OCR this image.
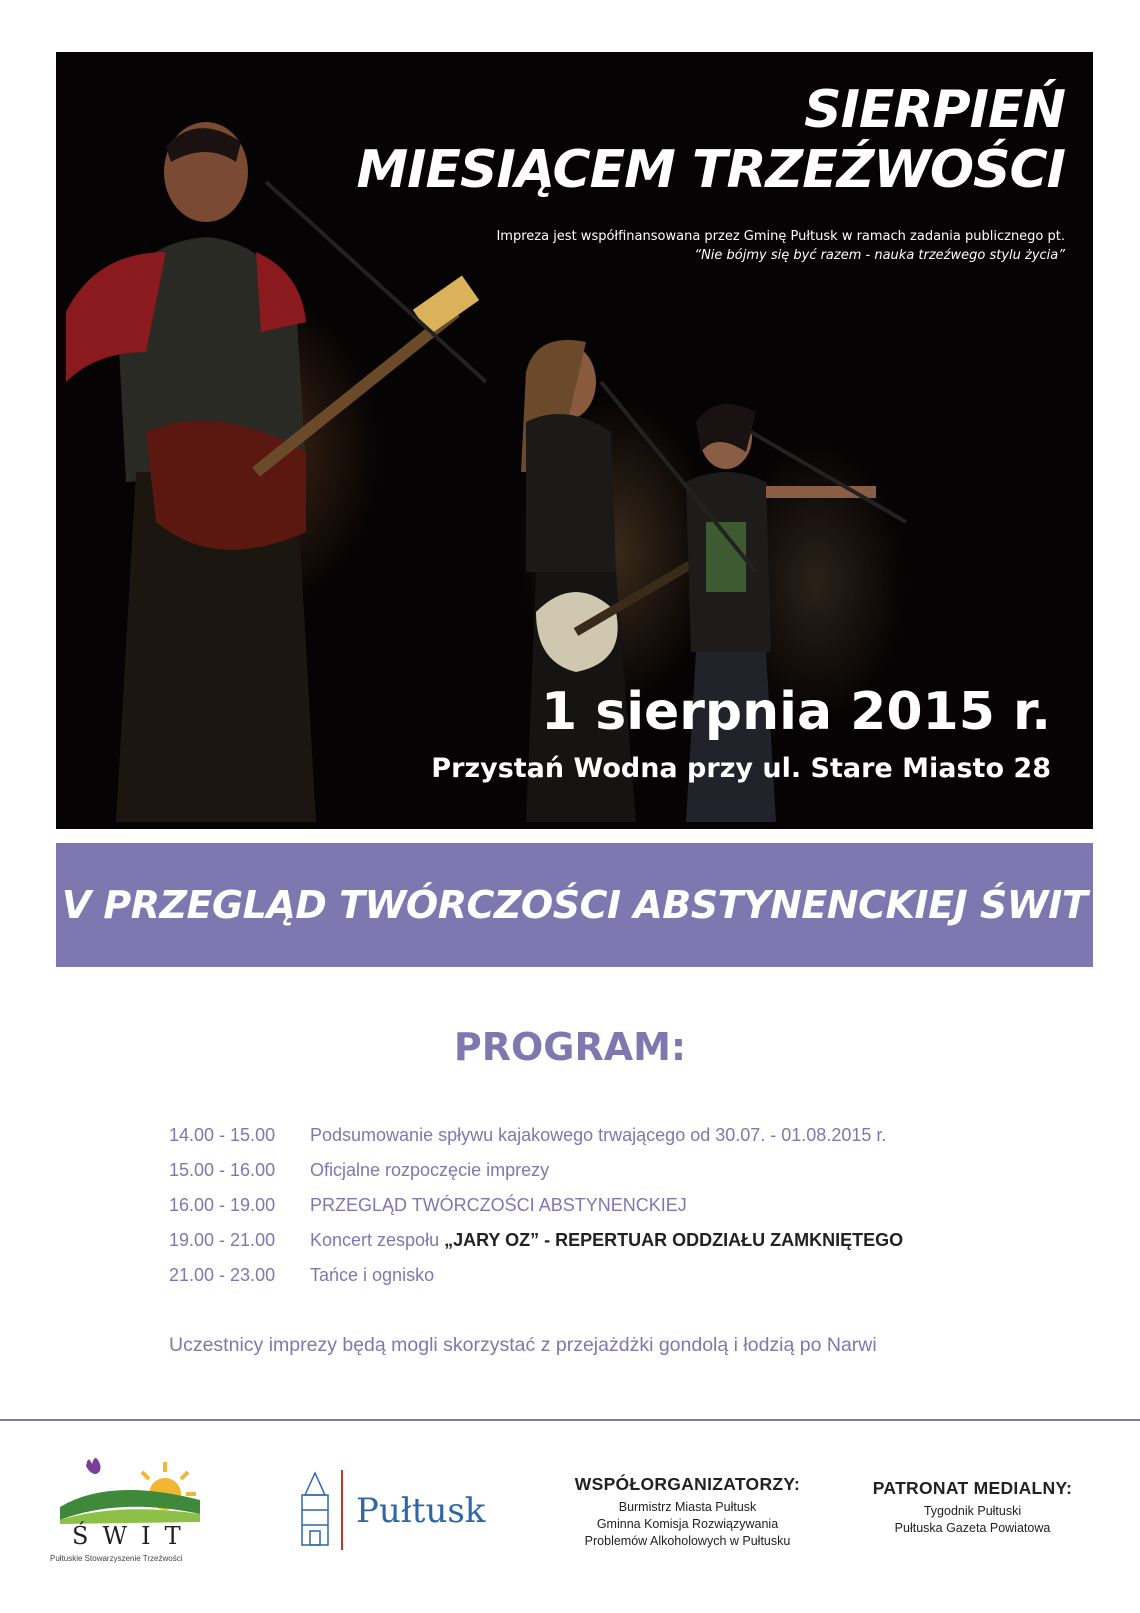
SIERPIEŃ
MIESIĄCEM TRZEŹWOŚCI
Impreza jest współfinansowana przez Gminę Pułtusk w ramach zadania publicznego pt.
“Nie bójmy się być razem - nauka trzeźwego stylu życia”
1 sierpnia 2015 r.
Przystań Wodna przy ul. Stare Miasto 28
V PRZEGLĄD TWÓRCZOŚCI ABSTYNENCKIEJ ŚWIT
PROGRAM:
14.00 - 15.00	Podsumowanie spływu kajakowego trwającego od 30.07. - 01.08.2015 r.
15.00 - 16.00	Oficjalne rozpoczęcie imprezy
16.00 - 19.00	PRZEGLĄD TWÓRCZOŚCI ABSTYNENCKIEJ
19.00 - 21.00	Koncert zespołu „JARY OZ” - REPERTUAR ODDZIAŁU ZAMKNIĘTEGO
21.00 - 23.00	Tańce i ognisko
Uczestnicy imprezy będą mogli skorzystać z przejażdżki gondolą i łodzią po Narwi
ŚWIT
Pułtuskie Stowarzyszenie Trzeźwości
Pułtusk
WSPÓŁORGANIZATORZY:
Burmistrz Miasta Pułtusk
Gminna Komisja Rozwiązywania
Problemów Alkoholowych w Pułtusku
PATRONAT MEDIALNY:
Tygodnik Pułtuski
Pułtuska Gazeta Powiatowa
